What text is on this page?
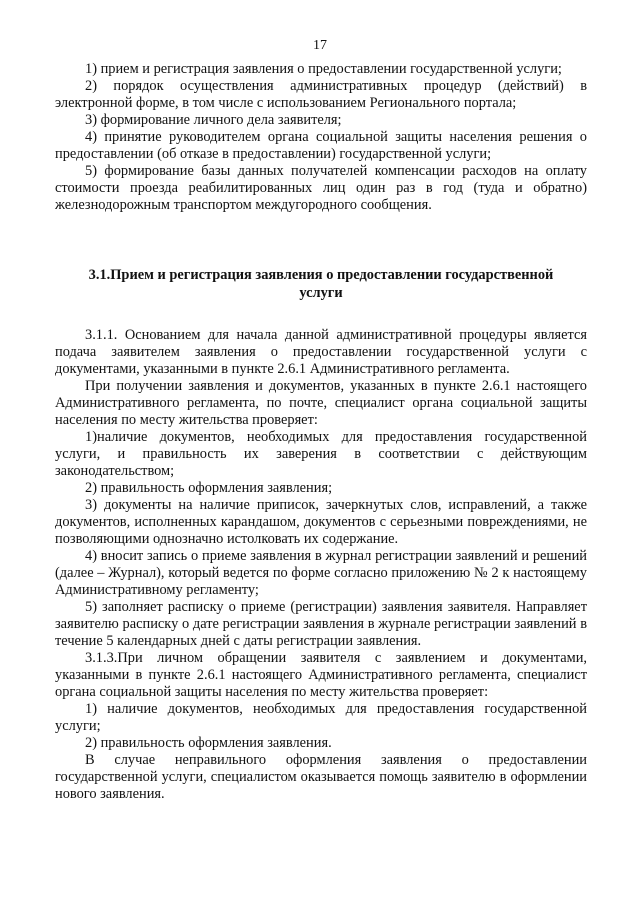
17

1) прием и регистрация заявления о предоставлении государственной услуги;

2) порядок осуществления административных процедур (действий) в электронной форме, в том числе с использованием Регионального портала;

3) формирование личного дела заявителя;

4) принятие руководителем органа социальной защиты населения решения о предоставлении (об отказе в предоставлении) государственной услуги;

5) формирование базы данных получателей компенсации расходов на оплату стоимости проезда реабилитированных лиц один раз в год (туда и обратно) железнодорожным транспортом междугородного сообщения.

3.1.Прием и регистрация заявления о предоставлении государственной
услуги

3.1.1. Основанием для начала данной административной процедуры является подача заявителем заявления о предоставлении государственной услуги с документами, указанными в пункте 2.6.1 Административного регламента.

При получении заявления и документов, указанных в пункте 2.6.1 настоящего Административного регламента, по почте, специалист органа социальной защиты населения по месту жительства проверяет:

1)наличие документов, необходимых для предоставления государственной услуги, и правильность их заверения в соответствии с действующим законодательством;

2) правильность оформления заявления;

3) документы на наличие приписок, зачеркнутых слов, исправлений, а также документов, исполненных карандашом, документов с серьезными повреждениями, не позволяющими однозначно истолковать их содержание.

4) вносит запись о приеме заявления в журнал регистрации заявлений и решений (далее – Журнал), который ведется по форме согласно приложению № 2 к настоящему Административному регламенту;

5) заполняет расписку о приеме (регистрации) заявления заявителя. Направляет заявителю расписку о дате регистрации заявления в журнале регистрации заявлений в течение 5 календарных дней с даты регистрации заявления.

3.1.3.При личном обращении заявителя с заявлением и документами, указанными в пункте 2.6.1 настоящего Административного регламента, специалист органа социальной защиты населения по месту жительства проверяет:

1) наличие документов, необходимых для предоставления государственной услуги;

2) правильность оформления заявления.

В случае неправильного оформления заявления о предоставлении государственной услуги, специалистом оказывается помощь заявителю в оформлении нового заявления.
